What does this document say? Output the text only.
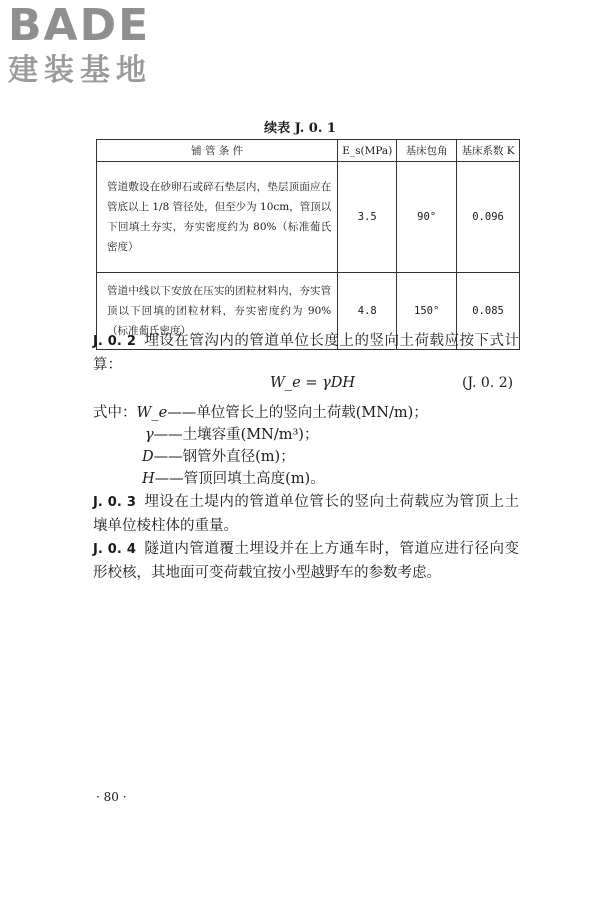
BADE
建装基地
续表 J. 0. 1
铺 管 条 件	E_s(MPa)	基床包角	基床系数 K
管道敷设在砂卵石或碎石垫层内，垫层顶面应在管底以上 1/8 管径处，但至少为 10cm，管顶以下回填土夯实，夯实密度约为 80%（标准葡氏密度）	3.5	90°	0.096
管道中线以下安放在压实的团粒材料内，夯实管顶以下回填的团粒材料，夯实密度约为 90%（标准葡氏密度）	4.8	150°	0.085
J. 0. 2 埋设在管沟内的管道单位长度上的竖向土荷载应按下式计算：
W_e = γDH	(J. 0. 2)
式中：W_e——单位管长上的竖向土荷载(MN/m)；
γ——土壤容重(MN/m³)；
D——钢管外直径(m)；
H——管顶回填土高度(m)。
J. 0. 3 埋设在土堤内的管道单位管长的竖向土荷载应为管顶上土壤单位棱柱体的重量。
J. 0. 4 隧道内管道覆土埋设并在上方通车时，管道应进行径向变形校核，其地面可变荷载宜按小型越野车的参数考虑。
· 80 ·
